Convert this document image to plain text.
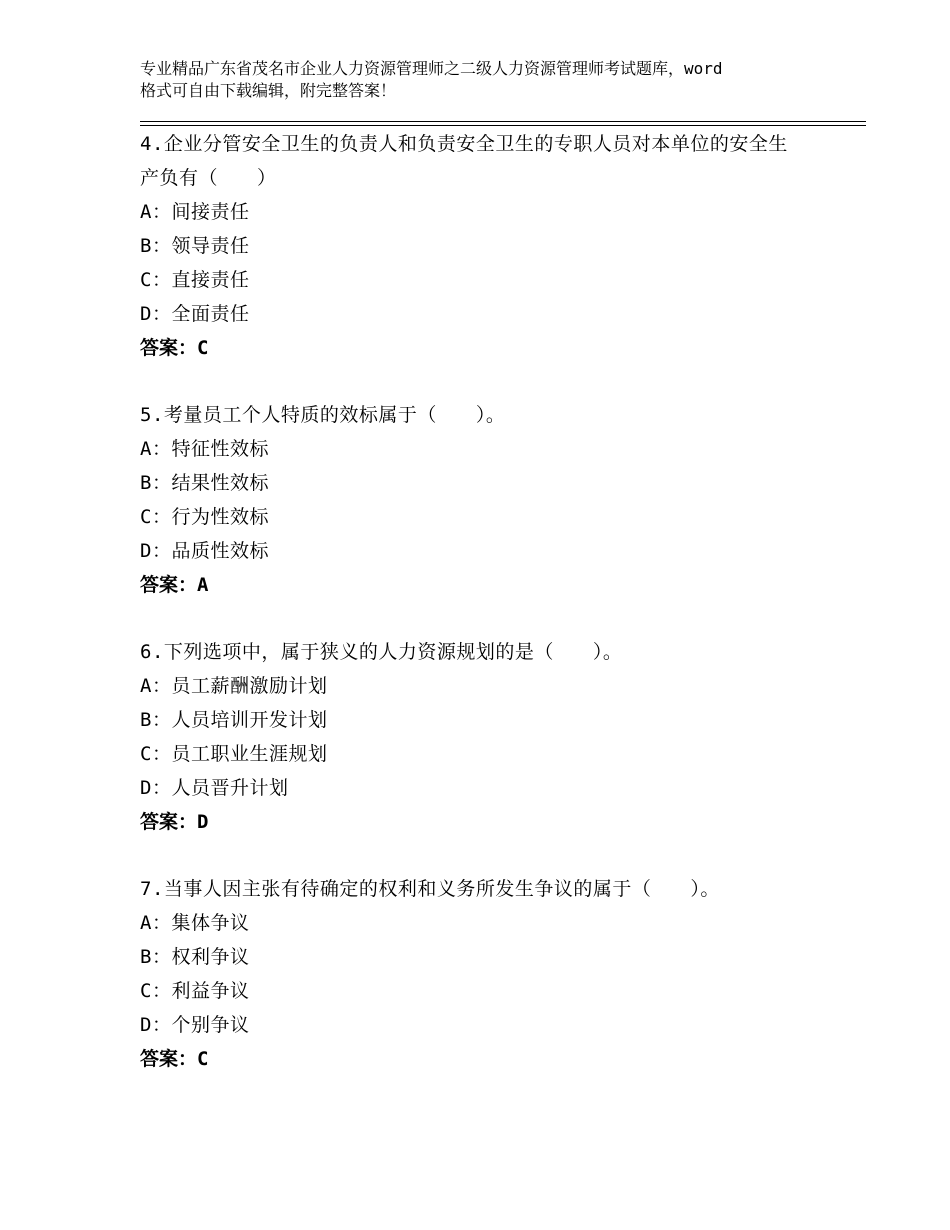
专业精品广东省茂名市企业人力资源管理师之二级人力资源管理师考试题库，word
格式可自由下载编辑，附完整答案！
4.企业分管安全卫生的负责人和负责安全卫生的专职人员对本单位的安全生产负有（　　）
A：间接责任
B：领导责任
C：直接责任
D：全面责任
答案：C
5.考量员工个人特质的效标属于（　　）。
A：特征性效标
B：结果性效标
C：行为性效标
D：品质性效标
答案：A
6.下列选项中，属于狭义的人力资源规划的是（　　）。
A：员工薪酬激励计划
B：人员培训开发计划
C：员工职业生涯规划
D：人员晋升计划
答案：D
7.当事人因主张有待确定的权利和义务所发生争议的属于（　　）。
A：集体争议
B：权利争议
C：利益争议
D：个别争议
答案：C
